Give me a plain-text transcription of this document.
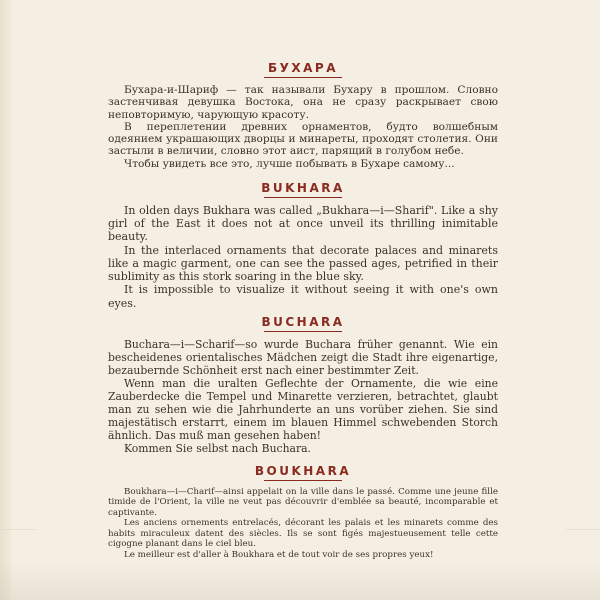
БУХАРА

Бухара-и-Шариф — так называли Бухару в прошлом. Словно застенчивая девушка Востока, она не сразу раскрывает свою неповторимую, чарующую красоту.

В переплетении древних орнаментов, будто волшебным одеянием украшающих дворцы и минареты, проходят столетия. Они застыли в величии, словно этот аист, парящий в голубом небе.

Чтобы увидеть все это, лучше побывать в Бухаре самому...

BUKHARA

In olden days Bukhara was called „Bukhara—i—Sharif". Like a shy girl of the East it does not at once unveil its thrilling inimitable beauty.

In the interlaced ornaments that decorate palaces and minarets like a magic garment, one can see the passed ages, petrified in their sublimity as this stork soaring in the blue sky.

It is impossible to visualize it without seeing it with one's own eyes.

BUCHARA

Buchara—i—Scharif—so wurde Buchara früher genannt. Wie ein bescheidenes orientalisches Mädchen zeigt die Stadt ihre eigenartige, bezaubernde Schönheit erst nach einer bestimmter Zeit.

Wenn man die uralten Geflechte der Ornamente, die wie eine Zauberdecke die Tempel und Minarette verzieren, betrachtet, glaubt man zu sehen wie die Jahrhunderte an uns vorüber ziehen. Sie sind majestätisch erstarrt, einem im blauen Himmel schwebenden Storch ähnlich. Das muß man gesehen haben!

Kommen Sie selbst nach Buchara.

BOUKHARA

Boukhara—i—Charif—ainsi appelait on la ville dans le passé. Comme une jeune fille timide de l'Orient, la ville ne veut pas découvrir d'emblée sa beauté, incomparable et captivante.

Les anciens ornements entrelacés, décorant les palais et les minarets comme des habits miraculeux datent des siècles. Ils se sont figés majestueusement telle cette cigogne planant dans le ciel bleu.

Le meilleur est d'aller à Boukhara et de tout voir de ses propres yeux!
